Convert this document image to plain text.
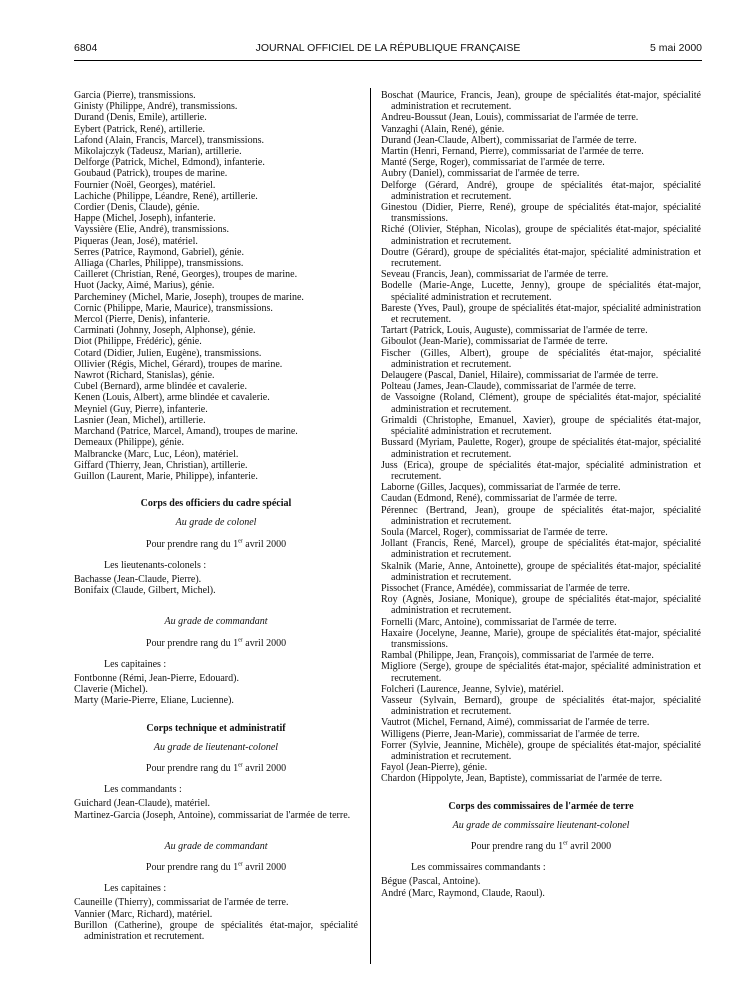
6804	JOURNAL OFFICIEL DE LA RÉPUBLIQUE FRANÇAISE	5 mai 2000
Garcia (Pierre), transmissions.
Ginisty (Philippe, André), transmissions.
Durand (Denis, Emile), artillerie.
Eybert (Patrick, René), artillerie.
Lafond (Alain, Francis, Marcel), transmissions.
Mikolajczyk (Tadeusz, Marian), artillerie.
Delforge (Patrick, Michel, Edmond), infanterie.
Goubaud (Patrick), troupes de marine.
Fournier (Noël, Georges), matériel.
Lachiche (Philippe, Léandre, René), artillerie.
Cordier (Denis, Claude), génie.
Happe (Michel, Joseph), infanterie.
Vayssière (Elie, André), transmissions.
Piqueras (Jean, José), matériel.
Serres (Patrice, Raymond, Gabriel), génie.
Alliaga (Charles, Philippe), transmissions.
Cailleret (Christian, René, Georges), troupes de marine.
Huot (Jacky, Aimé, Marius), génie.
Parcheminey (Michel, Marie, Joseph), troupes de marine.
Cornic (Philippe, Marie, Maurice), transmissions.
Mercol (Pierre, Denis), infanterie.
Carminati (Johnny, Joseph, Alphonse), génie.
Diot (Philippe, Frédéric), génie.
Cotard (Didier, Julien, Eugène), transmissions.
Ollivier (Régis, Michel, Gérard), troupes de marine.
Nawrot (Richard, Stanislas), génie.
Cubel (Bernard), arme blindée et cavalerie.
Kenen (Louis, Albert), arme blindée et cavalerie.
Meyniel (Guy, Pierre), infanterie.
Lasnier (Jean, Michel), artillerie.
Marchand (Patrice, Marcel, Amand), troupes de marine.
Demeaux (Philippe), génie.
Malbrancke (Marc, Luc, Léon), matériel.
Giffard (Thierry, Jean, Christian), artillerie.
Guillon (Laurent, Marie, Philippe), infanterie.
Corps des officiers du cadre spécial
Au grade de colonel
Pour prendre rang du 1er avril 2000
Les lieutenants-colonels :
Bachasse (Jean-Claude, Pierre).
Bonifaix (Claude, Gilbert, Michel).
Au grade de commandant
Pour prendre rang du 1er avril 2000
Les capitaines :
Fontbonne (Rémi, Jean-Pierre, Edouard).
Claverie (Michel).
Marty (Marie-Pierre, Eliane, Lucienne).
Corps technique et administratif
Au grade de lieutenant-colonel
Pour prendre rang du 1er avril 2000
Les commandants :
Guichard (Jean-Claude), matériel.
Martinez-Garcia (Joseph, Antoine), commissariat de l'armée de terre.
Au grade de commandant
Pour prendre rang du 1er avril 2000
Les capitaines :
Cauneille (Thierry), commissariat de l'armée de terre.
Vannier (Marc, Richard), matériel.
Burillon (Catherine), groupe de spécialités état-major, spécialité administration et recrutement.
Boschat (Maurice, Francis, Jean), groupe de spécialités état-major, spécialité administration et recrutement.
Andreu-Boussut (Jean, Louis), commissariat de l'armée de terre.
Vanzaghi (Alain, René), génie.
Durand (Jean-Claude, Albert), commissariat de l'armée de terre.
Martin (Henri, Fernand, Pierre), commissariat de l'armée de terre.
Manté (Serge, Roger), commissariat de l'armée de terre.
Aubry (Daniel), commissariat de l'armée de terre.
Delforge (Gérard, André), groupe de spécialités état-major, spécialité administration et recrutement.
Ginestou (Didier, Pierre, René), groupe de spécialités état-major, spécialité transmissions.
Riché (Olivier, Stéphan, Nicolas), groupe de spécialités état-major, spécialité administration et recrutement.
Doutre (Gérard), groupe de spécialités état-major, spécialité administration et recrutement.
Seveau (Francis, Jean), commissariat de l'armée de terre.
Bodelle (Marie-Ange, Lucette, Jenny), groupe de spécialités état-major, spécialité administration et recrutement.
Bareste (Yves, Paul), groupe de spécialités état-major, spécialité administration et recrutement.
Tartart (Patrick, Louis, Auguste), commissariat de l'armée de terre.
Giboulot (Jean-Marie), commissariat de l'armée de terre.
Fischer (Gilles, Albert), groupe de spécialités état-major, spécialité administration et recrutement.
Delaugere (Pascal, Daniel, Hilaire), commissariat de l'armée de terre.
Polteau (James, Jean-Claude), commissariat de l'armée de terre.
de Vassoigne (Roland, Clément), groupe de spécialités état-major, spécialité administration et recrutement.
Grimaldi (Christophe, Emanuel, Xavier), groupe de spécialités état-major, spécialité administration et recrutement.
Bussard (Myriam, Paulette, Roger), groupe de spécialités état-major, spécialité administration et recrutement.
Juss (Erica), groupe de spécialités état-major, spécialité administration et recrutement.
Laborne (Gilles, Jacques), commissariat de l'armée de terre.
Caudan (Edmond, René), commissariat de l'armée de terre.
Pérennec (Bertrand, Jean), groupe de spécialités état-major, spécialité administration et recrutement.
Soula (Marcel, Roger), commissariat de l'armée de terre.
Jollant (Francis, René, Marcel), groupe de spécialités état-major, spécialité administration et recrutement.
Skalnik (Marie, Anne, Antoinette), groupe de spécialités état-major, spécialité administration et recrutement.
Pissochet (France, Amédée), commissariat de l'armée de terre.
Roy (Agnès, Josiane, Monique), groupe de spécialités état-major, spécialité administration et recrutement.
Fornelli (Marc, Antoine), commissariat de l'armée de terre.
Haxaire (Jocelyne, Jeanne, Marie), groupe de spécialités état-major, spécialité transmissions.
Rambal (Philippe, Jean, François), commissariat de l'armée de terre.
Migliore (Serge), groupe de spécialités état-major, spécialité administration et recrutement.
Folcheri (Laurence, Jeanne, Sylvie), matériel.
Vasseur (Sylvain, Bernard), groupe de spécialités état-major, spécialité administration et recrutement.
Vautrot (Michel, Fernand, Aimé), commissariat de l'armée de terre.
Willigens (Pierre, Jean-Marie), commissariat de l'armée de terre.
Forrer (Sylvie, Jeannine, Michèle), groupe de spécialités état-major, spécialité administration et recrutement.
Fayol (Jean-Pierre), génie.
Chardon (Hippolyte, Jean, Baptiste), commissariat de l'armée de terre.
Corps des commissaires de l'armée de terre
Au grade de commissaire lieutenant-colonel
Pour prendre rang du 1er avril 2000
Les commissaires commandants :
Bégue (Pascal, Antoine).
André (Marc, Raymond, Claude, Raoul).
